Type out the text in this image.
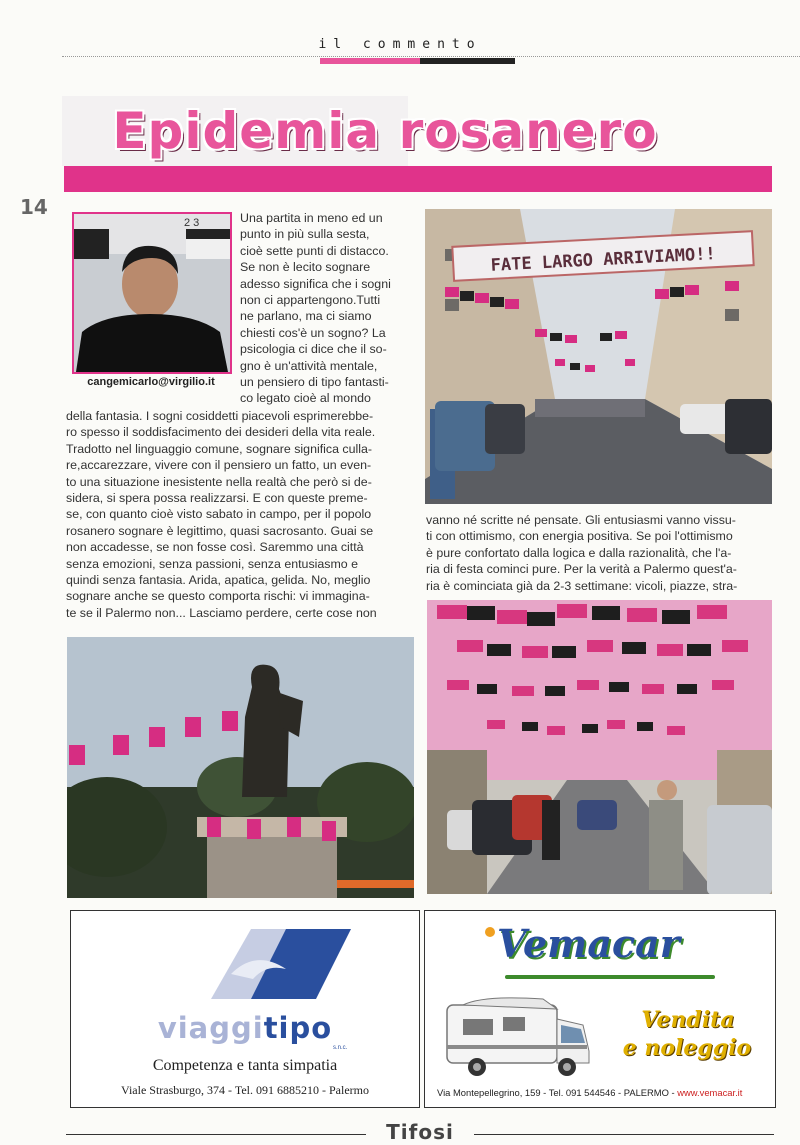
il commento
Epidemia rosanero
14
2 3
cangemicarlo@virgilio.it

Una partita in meno ed un

punto in più sulla sesta,

cioè sette punti di distacco.

Se non è lecito sognare

adesso significa che i sogni

non ci appartengono.Tutti

ne parlano, ma ci siamo

chiesti cos'è un sogno? La

psicologia ci dice che il so-

gno è un'attività mentale,

un pensiero di tipo fantasti-

co legato cioè al mondo

della fantasia. I sogni cosiddetti piacevoli esprimerebbe-

ro spesso il soddisfacimento dei desideri della vita reale.

Tradotto nel linguaggio comune, sognare significa culla-

re,accarezzare, vivere con il pensiero un fatto, un even-

to una situazione inesistente nella realtà che però si de-

sidera, si spera possa realizzarsi. E con queste preme-

se, con quanto cioè visto sabato in campo, per il popolo

rosanero sognare è legittimo, quasi sacrosanto. Guai se

non accadesse, se non fosse così. Saremmo una città

senza emozioni, senza passioni, senza entusiasmo e

quindi senza fantasia. Arida, apatica, gelida. No, meglio

sognare anche se questo comporta rischi: vi immagina-

te se il Palermo non... Lasciamo perdere, certe cose non

FATE LARGO ARRIVIAMO!!

vanno né scritte né pensate. Gli entusiasmi vanno vissu-

ti con ottimismo, con energia positiva. Se poi l'ottimismo

è pure confortato dalla logica e dalla razionalità, che l'a-

ria di festa cominci pure. Per la verità a Palermo quest'a-

ria è cominciata già da 2-3 settimane: vicoli, piazze, stra-

viaggitipo
s.n.c.
Competenza e tanta simpatia
Viale Strasburgo, 374 - Tel. 091 6885210 - Palermo
Vemacar
Vendita
e noleggio
Via Montepellegrino, 159 - Tel. 091 544546 - PALERMO - www.vemacar.it
Tifosi
